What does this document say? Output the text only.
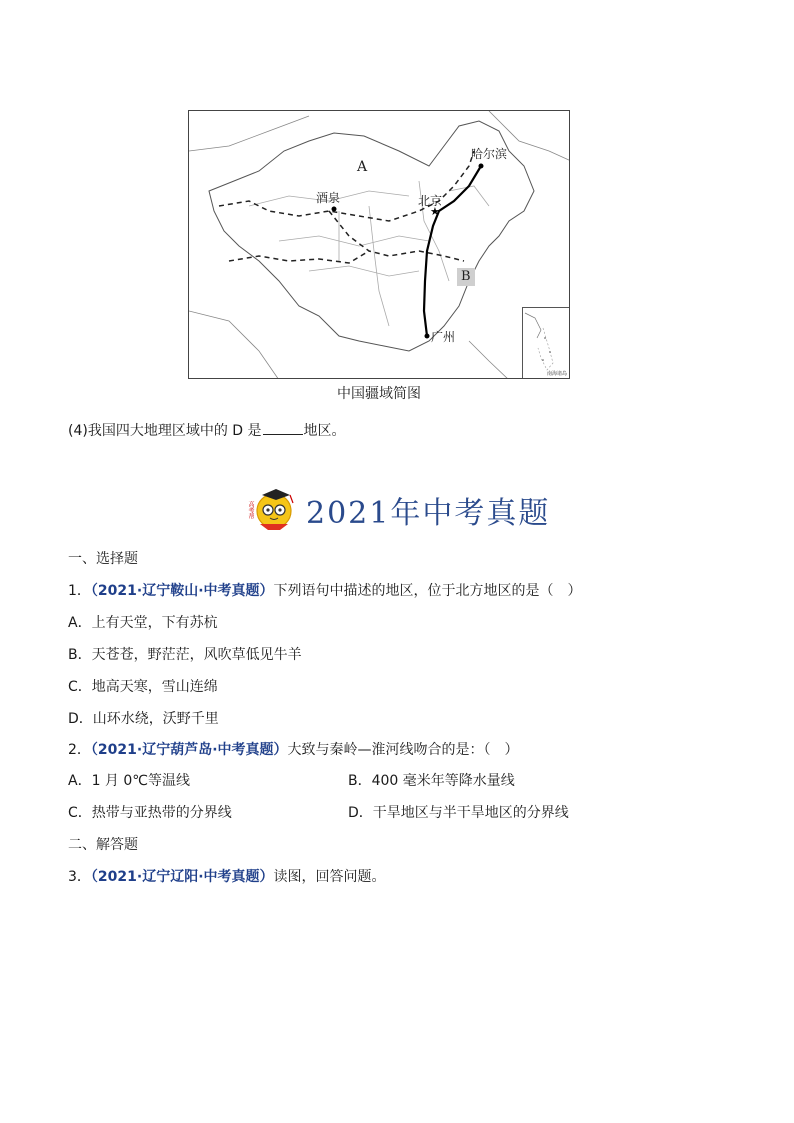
★
A
B
酒泉	北京
哈尔滨
广州
南海诸岛
中国疆域简图
(4)我国四大地理区域中的 D 是	地区。
高考帮 2021年中考真题
一、选择题
1．（2021·辽宁鞍山·中考真题）下列语句中描述的地区，位于北方地区的是（　）
A．上有天堂，下有苏杭
B．天苍苍，野茫茫，风吹草低见牛羊
C．地高天寒，雪山连绵
D．山环水绕，沃野千里
2．（2021·辽宁葫芦岛·中考真题）大致与秦岭—淮河线吻合的是：（　）
A．1 月 0℃等温线	B．400 毫米年等降水量线
C．热带与亚热带的分界线	D．干旱地区与半干旱地区的分界线
二、解答题
3．（2021·辽宁辽阳·中考真题）读图，回答问题。
